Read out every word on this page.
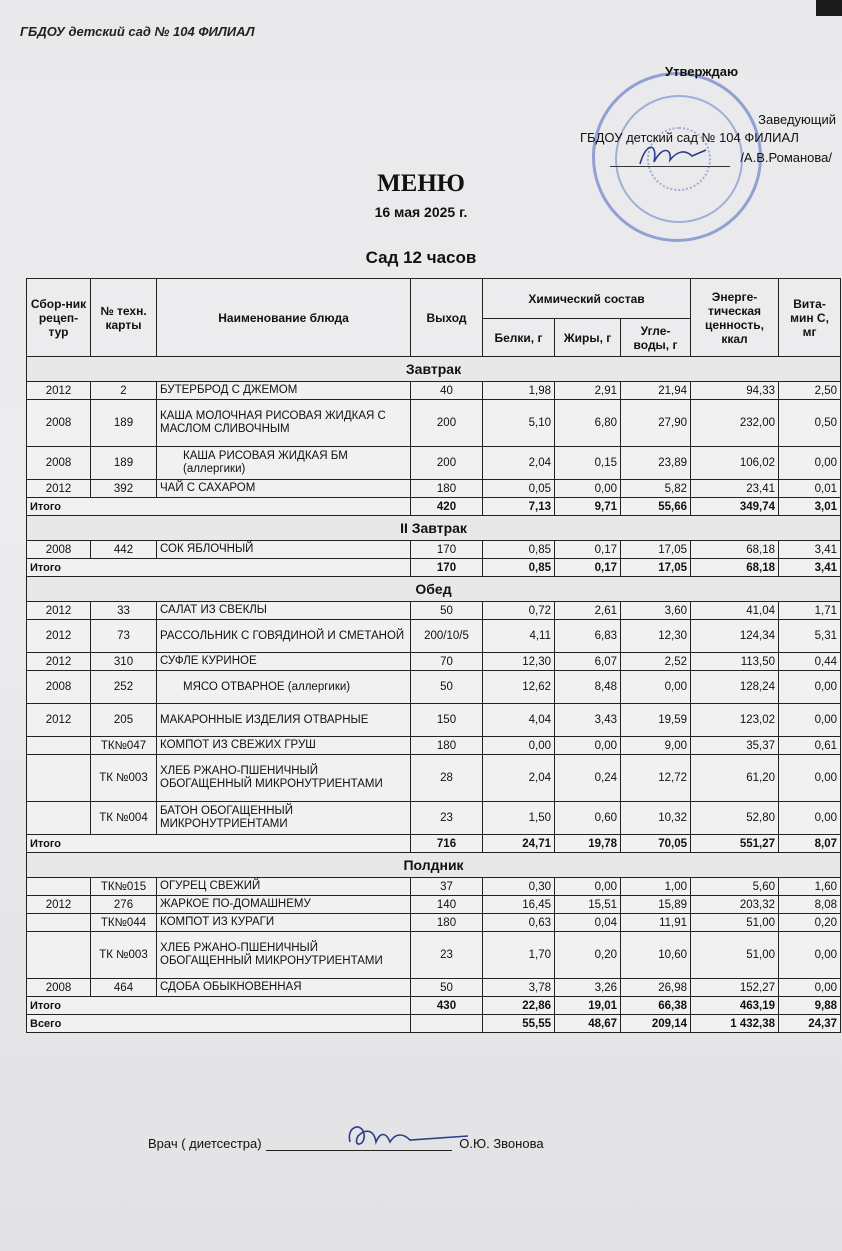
ГБДОУ детский сад № 104 ФИЛИАЛ
Утверждаю
Заведующий
ГБДОУ детский сад № 104 ФИЛИАЛ
/А.В.Романова/
МЕНЮ
16 мая 2025 г.
Сад 12 часов
Сбор-ник рецеп-тур	№ техн. карты	Наименование блюда	Выход	Химический состав			Энерге-тическая ценность, ккал	Вита-мин С, мг
				Белки, г	Жиры, г	Угле-воды, г		
Завтрак								
2012	2	БУТЕРБРОД С ДЖЕМОМ	40	1,98	2,91	21,94	94,33	2,50
2008	189	КАША МОЛОЧНАЯ РИСОВАЯ ЖИДКАЯ С МАСЛОМ СЛИВОЧНЫМ	200	5,10	6,80	27,90	232,00	0,50
2008	189	КАША РИСОВАЯ ЖИДКАЯ БМ (аллергики)	200	2,04	0,15	23,89	106,02	0,00
2012	392	ЧАЙ С САХАРОМ	180	0,05	0,00	5,82	23,41	0,01
Итого			420	7,13	9,71	55,66	349,74	3,01
II Завтрак								
2008	442	СОК ЯБЛОЧНЫЙ	170	0,85	0,17	17,05	68,18	3,41
Итого			170	0,85	0,17	17,05	68,18	3,41
Обед								
2012	33	САЛАТ ИЗ СВЕКЛЫ	50	0,72	2,61	3,60	41,04	1,71
2012	73	РАССОЛЬНИК С ГОВЯДИНОЙ И СМЕТАНОЙ	200/10/5	4,11	6,83	12,30	124,34	5,31
2012	310	СУФЛЕ КУРИНОЕ	70	12,30	6,07	2,52	113,50	0,44
2008	252	МЯСО ОТВАРНОЕ (аллергики)	50	12,62	8,48	0,00	128,24	0,00
2012	205	МАКАРОННЫЕ ИЗДЕЛИЯ ОТВАРНЫЕ	150	4,04	3,43	19,59	123,02	0,00
	ТК№047	КОМПОТ ИЗ СВЕЖИХ ГРУШ	180	0,00	0,00	9,00	35,37	0,61
	ТК №003	ХЛЕБ РЖАНО-ПШЕНИЧНЫЙ ОБОГАЩЕННЫЙ МИКРОНУТРИЕНТАМИ	28	2,04	0,24	12,72	61,20	0,00
	ТК №004	БАТОН ОБОГАЩЕННЫЙ МИКРОНУТРИЕНТАМИ	23	1,50	0,60	10,32	52,80	0,00
Итого			716	24,71	19,78	70,05	551,27	8,07
Полдник								
	ТК№015	ОГУРЕЦ СВЕЖИЙ	37	0,30	0,00	1,00	5,60	1,60
2012	276	ЖАРКОЕ ПО-ДОМАШНЕМУ	140	16,45	15,51	15,89	203,32	8,08
	ТК№044	КОМПОТ ИЗ КУРАГИ	180	0,63	0,04	11,91	51,00	0,20
	ТК №003	ХЛЕБ РЖАНО-ПШЕНИЧНЫЙ ОБОГАЩЕННЫЙ МИКРОНУТРИЕНТАМИ	23	1,70	0,20	10,60	51,00	0,00
2008	464	СДОБА ОБЫКНОВЕННАЯ	50	3,78	3,26	26,98	152,27	0,00
Итого			430	22,86	19,01	66,38	463,19	9,88
Всего				55,55	48,67	209,14	1 432,38	24,37
Врач ( диетсестра)	О.Ю. Звонова
